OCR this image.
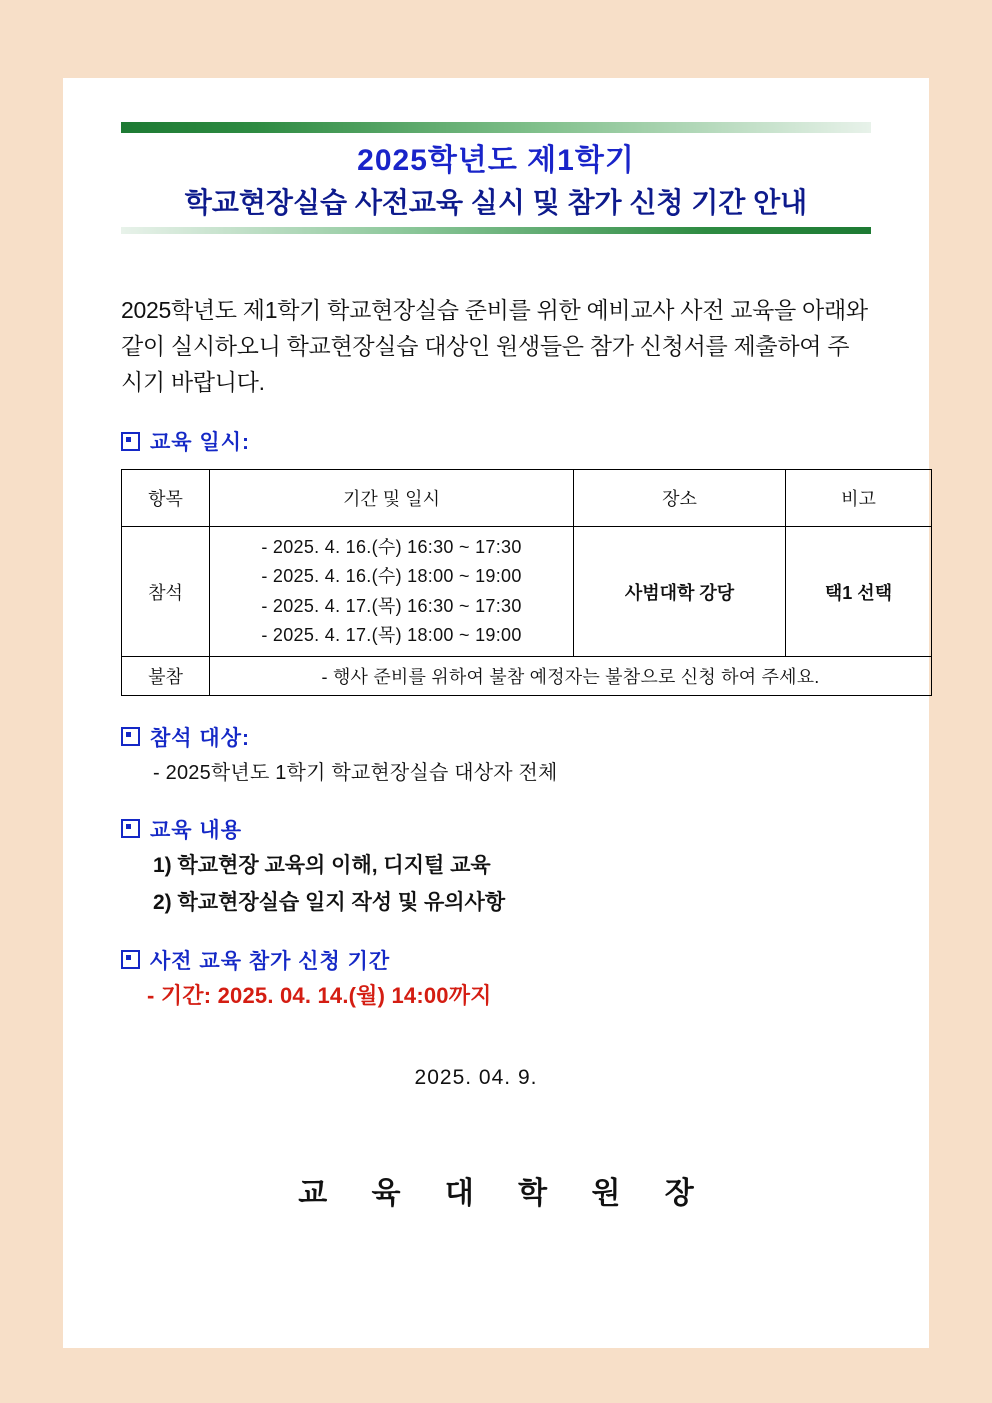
2025학년도 제1학기
학교현장실습 사전교육 실시 및 참가 신청 기간 안내

2025학년도 제1학기 학교현장실습 준비를 위한 예비교사 사전 교육을 아래와 같이 실시하오니 학교현장실습 대상인 원생들은 참가 신청서를 제출하여 주시기 바랍니다.

교육 일시:
항목	기간 및 일시	장소	비고
참석	- 2025. 4. 16.(수) 16:30 ~ 17:30
- 2025. 4. 16.(수) 18:00 ~ 19:00
- 2025. 4. 17.(목) 16:30 ~ 17:30
- 2025. 4. 17.(목) 18:00 ~ 19:00	사범대학 강당	택1 선택
불참	- 행사 준비를 위하여 불참 예정자는 불참으로 신청 하여 주세요.		
참석 대상:
- 2025학년도 1학기 학교현장실습 대상자 전체
교육 내용
1) 학교현장 교육의 이해, 디지털 교육
2) 학교현장실습 일지 작성 및 유의사항
사전 교육 참가 신청 기간
- 기간: 2025. 04. 14.(월) 14:00까지
2025. 04. 9.
교 육 대 학 원 장
